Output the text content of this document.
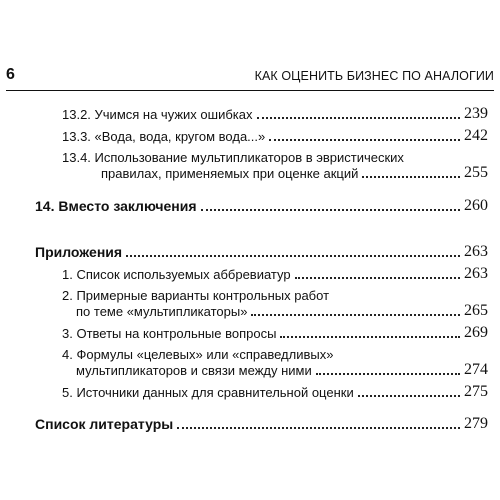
6	КАК ОЦЕНИТЬ БИЗНЕС ПО АНАЛОГИИ
13.2. Учимся на чужих ошибках	239
13.3. «Вода, вода, кругом вода...»	242
13.4. Использование мультипликаторов в эвристических
правилах, применяемых при оценке акций	255
14. Вместо заключения	260
Приложения	263
1. Список используемых аббревиатур	263
2. Примерные варианты контрольных работ
по теме «мультипликаторы»	265
3. Ответы на контрольные вопросы	269
4. Формулы «целевых» или «справедливых»
мультипликаторов и связи между ними	274
5. Источники данных для сравнительной оценки	275
Список литературы	279
